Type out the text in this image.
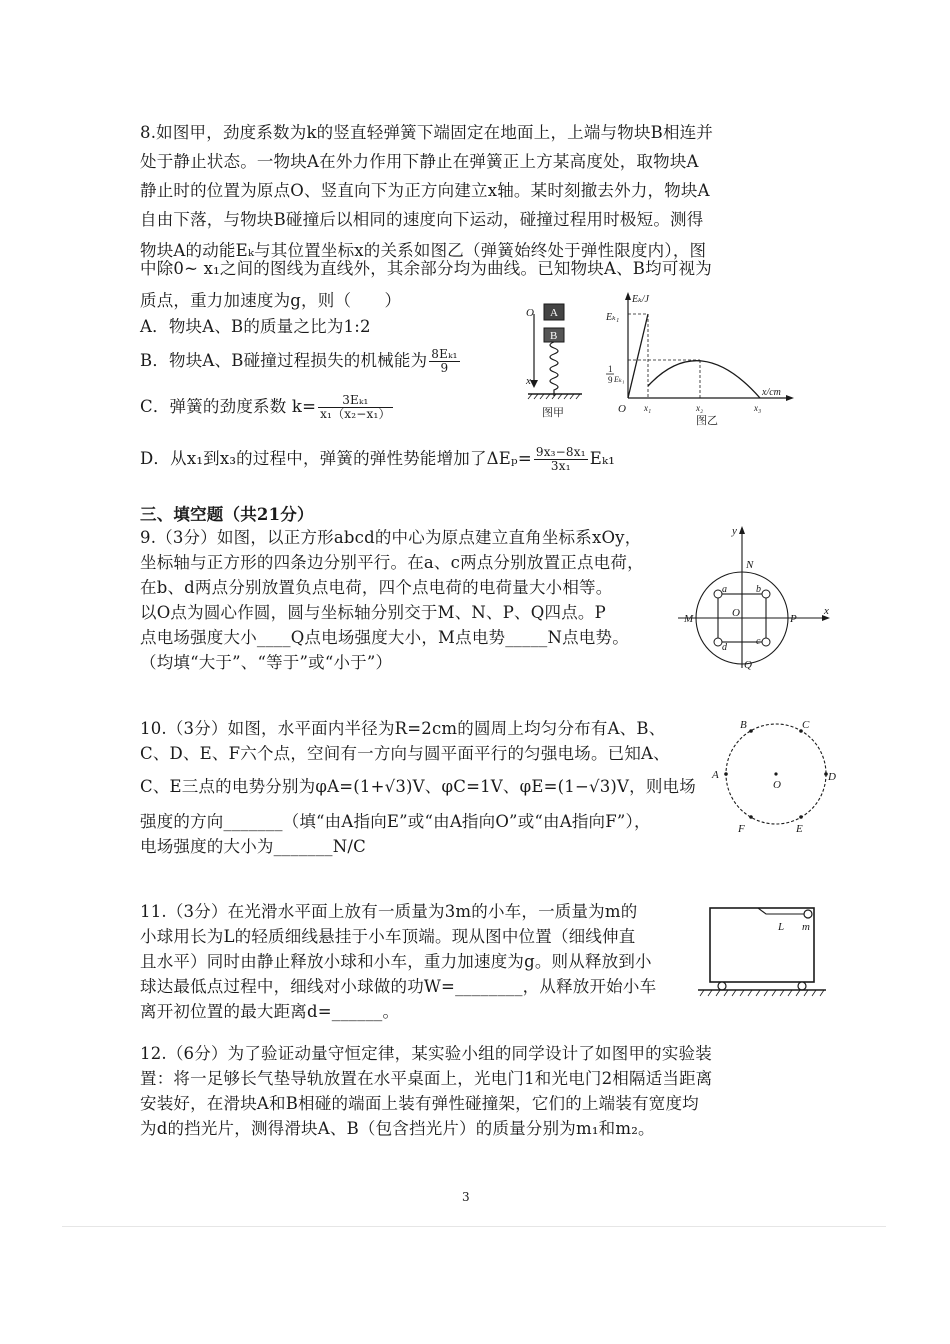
8.如图甲，劲度系数为k的竖直轻弹簧下端固定在地面上，上端与物块B相连并
处于静止状态。一物块A在外力作用下静止在弹簧正上方某高度处，取物块A
静止时的位置为原点O、竖直向下为正方向建立x轴。某时刻撤去外力，物块A
自由下落，与物块B碰撞后以相同的速度向下运动，碰撞过程用时极短。测得
物块A的动能Eₖ与其位置坐标x的关系如图乙（弹簧始终处于弹性限度内），图
中除0~ x₁之间的图线为直线外，其余部分均为曲线。已知物块A、B均可视为
质点，重力加速度为g，则（　　）
A．物块A、B的质量之比为1:2
B．物块A、B碰撞过程损失的机械能为 $\frac{\text{8Eₖ₁}}{9}$
C．弹簧的劲度系数 $k= \frac{\text{3Eₖ₁}}{\text{x₁（x₂−x₁）}}$
D．从x₁到x₃的过程中，弹簧的弹性势能增加了$\Delta E_p= \frac{\text{9x₃−8x₁}}{\text{3x₁}} E_{k1}$
O
x
A
B
图甲
Eₖ/J
x/cm
Eₖ₁
1
9 Eₖ₁
O x₁	x₂	x₃
图乙
三、填空题（共21分）
9.（3分）如图，以正方形abcd的中心为原点建立直角坐标系xOy，
坐标轴与正方形的四条边分别平行。在a、c两点分别放置正点电荷，
在b、d两点分别放置负点电荷，四个点电荷的电荷量大小相等。
以O点为圆心作圆，圆与坐标轴分别交于M、N、P、Q四点。P
点电场强度大小____Q点电场强度大小，M点电势_____N点电势。
（均填“大于”、“等于”或“小于”）
y
x
N
M	O	P
Q
a	b
c
d
10.（3分）如图，水平面内半径为R=2cm的圆周上均匀分布有A、B、
C、D、E、F六个点，空间有一方向与圆平面平行的匀强电场。已知A、
C、E三点的电势分别为φA=(1+√3)V、φC=1V、φE=(1−√3)V，则电场
强度的方向_______（填“由A指向E”或“由A指向O”或“由A指向F”），
电场强度的大小为_______N/C
A
B	C
D
E
F
O
11.（3分）在光滑水平面上放有一质量为3m的小车，一质量为m的
小球用长为L的轻质细线悬挂于小车顶端。现从图中位置（细线伸直
且水平）同时由静止释放小球和小车，重力加速度为g。则从释放到小
球达最低点过程中，细线对小球做的功W=________，从释放开始小车
离开初位置的最大距离d=______。
L m
12.（6分）为了验证动量守恒定律，某实验小组的同学设计了如图甲的实验装
置：将一足够长气垫导轨放置在水平桌面上，光电门1和光电门2相隔适当距离
安装好，在滑块A和B相碰的端面上装有弹性碰撞架，它们的上端装有宽度均
为d的挡光片，测得滑块A、B（包含挡光片）的质量分别为m₁和m₂。
3
